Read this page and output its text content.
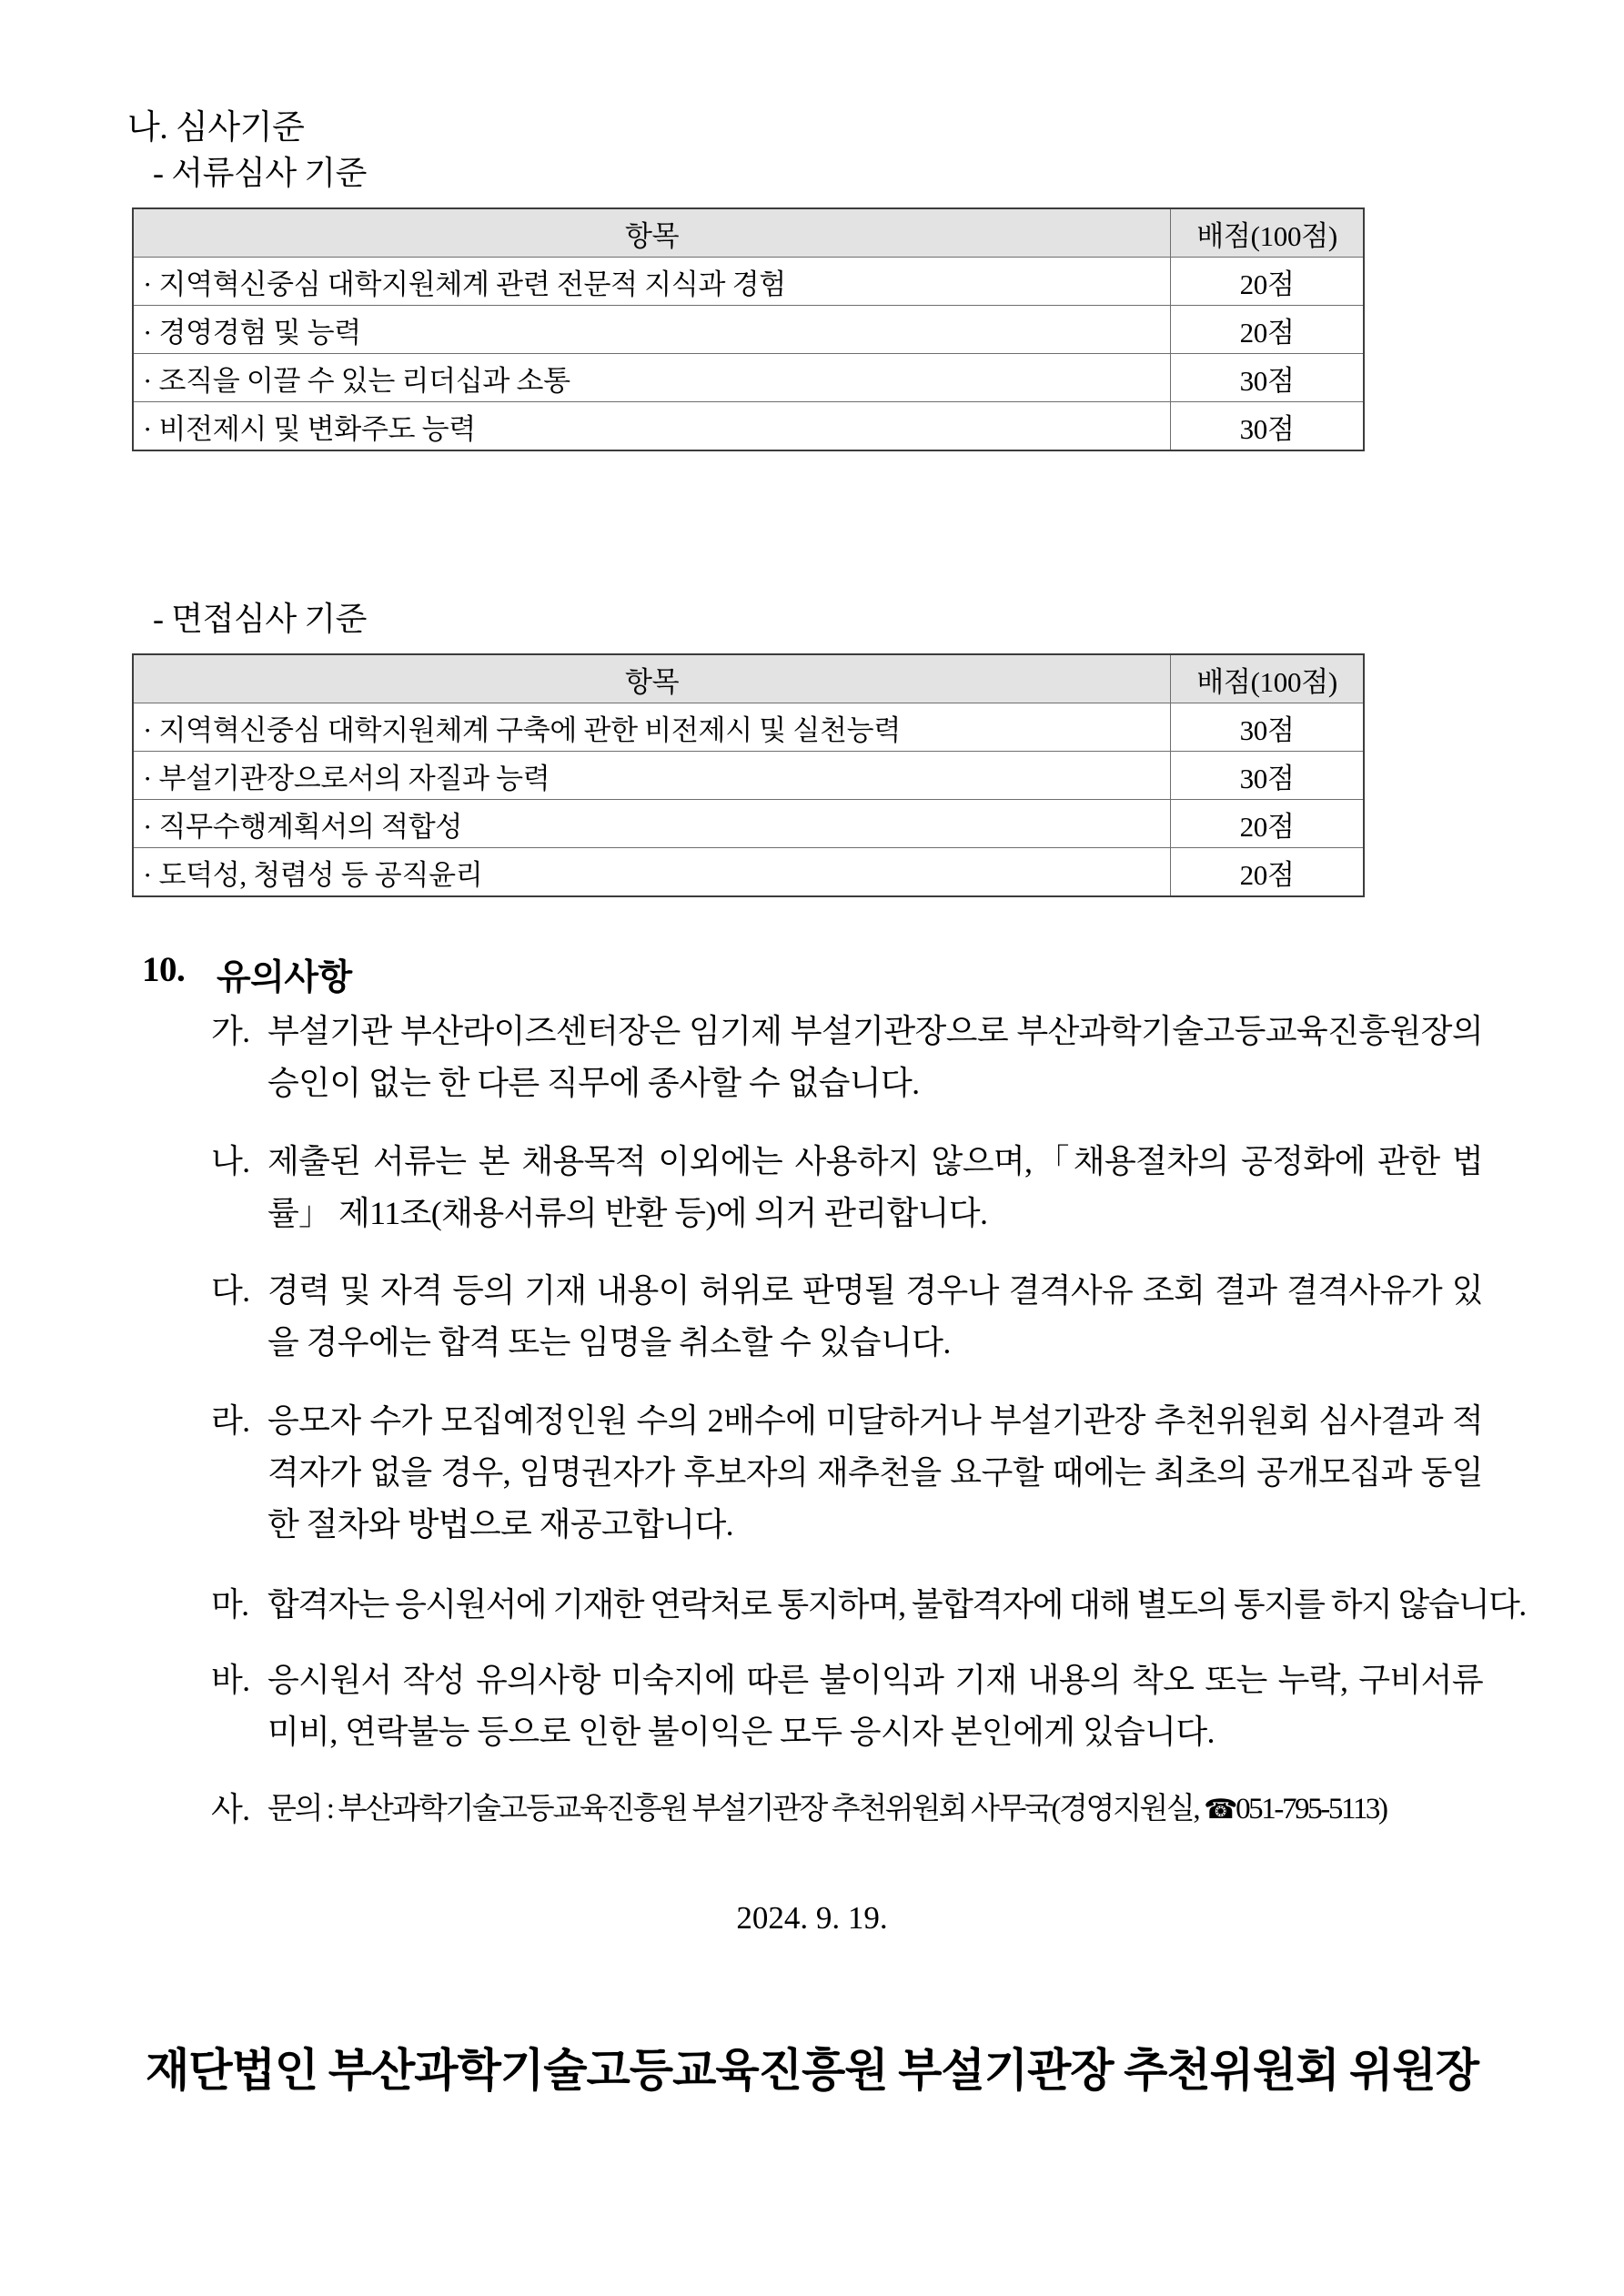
나. 심사기준
- 서류심사 기준
항목	배점(100점)
· 지역혁신중심 대학지원체계 관련 전문적 지식과 경험	20점
· 경영경험 및 능력	20점
· 조직을 이끌 수 있는 리더십과 소통	30점
· 비전제시 및 변화주도 능력	30점
- 면접심사 기준
항목	배점(100점)
· 지역혁신중심 대학지원체계 구축에 관한 비전제시 및 실천능력	30점
· 부설기관장으로서의 자질과 능력	30점
· 직무수행계획서의 적합성	20점
· 도덕성, 청렴성 등 공직윤리	20점
10. 유의사항
가. 부설기관 부산라이즈센터장은 임기제 부설기관장으로 부산과학기술고등교육진흥원장의 승인이 없는 한 다른 직무에 종사할 수 없습니다.
나. 제출된 서류는 본 채용목적 이외에는 사용하지 않으며,「채용절차의 공정화에 관한 법률」 제11조(채용서류의 반환 등)에 의거 관리합니다.
다. 경력 및 자격 등의 기재 내용이 허위로 판명될 경우나 결격사유 조회 결과 결격사유가 있을 경우에는 합격 또는 임명을 취소할 수 있습니다.
라. 응모자 수가 모집예정인원 수의 2배수에 미달하거나 부설기관장 추천위원회 심사결과 적격자가 없을 경우, 임명권자가 후보자의 재추천을 요구할 때에는 최초의 공개모집과 동일한 절차와 방법으로 재공고합니다.
마. 합격자는 응시원서에 기재한 연락처로 통지하며, 불합격자에 대해 별도의 통지를 하지 않습니다.
바. 응시원서 작성 유의사항 미숙지에 따른 불이익과 기재 내용의 착오 또는 누락, 구비서류 미비, 연락불능 등으로 인한 불이익은 모두 응시자 본인에게 있습니다.
사. 문의 : 부산과학기술고등교육진흥원 부설기관장 추천위원회 사무국(경영지원실, ☎051-795-5113)
2024. 9. 19.
재단법인 부산과학기술고등교육진흥원 부설기관장 추천위원회 위원장
